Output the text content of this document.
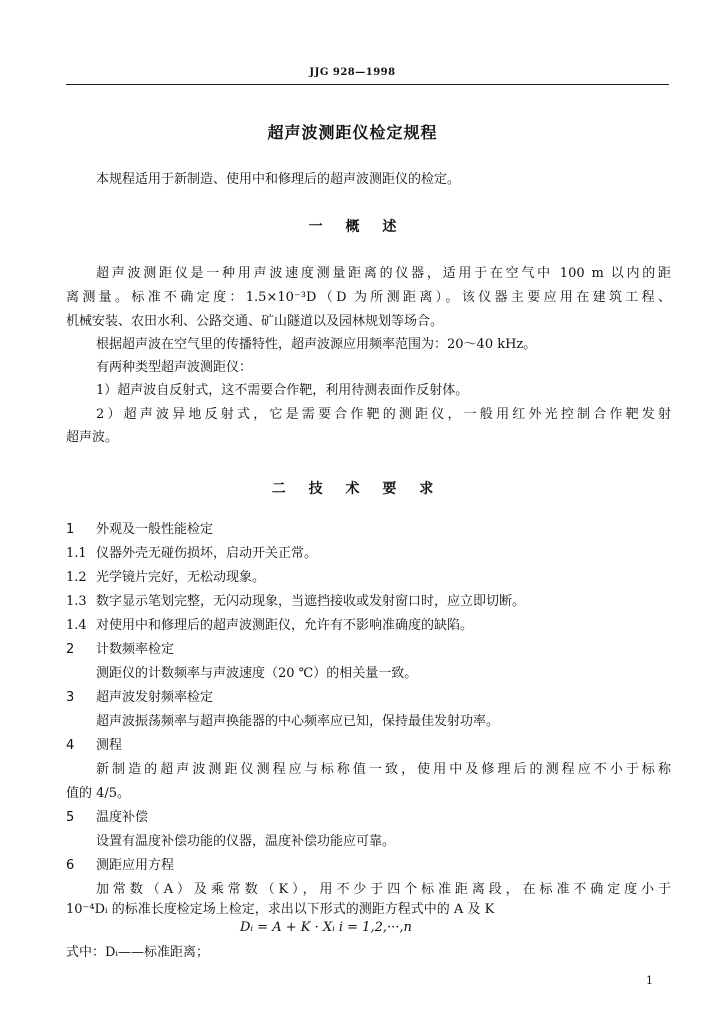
JJG 928—1998
超声波测距仪检定规程
本规程适用于新制造、使用中和修理后的超声波测距仪的检定。
一 概 述
超声波测距仪是一种用声波速度测量距离的仪器，适用于在空气中 100 m 以内的距
离测量。标准不确定度：1.5×10⁻³D（D 为所测距离）。该仪器主要应用在建筑工程、
机械安装、农田水利、公路交通、矿山隧道以及园林规划等场合。
根据超声波在空气里的传播特性，超声波源应用频率范围为：20～40 kHz。
有两种类型超声波测距仪：
1）超声波自反射式，这不需要合作靶，利用待测表面作反射体。
2）超声波异地反射式，它是需要合作靶的测距仪，一般用红外光控制合作靶发射
超声波。
二 技 术 要 求
1 外观及一般性能检定
1.1 仪器外壳无碰伤损坏，启动开关正常。
1.2 光学镜片完好，无松动现象。
1.3 数字显示笔划完整，无闪动现象，当遮挡接收或发射窗口时，应立即切断。
1.4 对使用中和修理后的超声波测距仪，允许有不影响准确度的缺陷。
2 计数频率检定
测距仪的计数频率与声波速度（20 ℃）的相关量一致。
3 超声波发射频率检定
超声波振荡频率与超声换能器的中心频率应已知，保持最佳发射功率。
4 测程
新制造的超声波测距仪测程应与标称值一致，使用中及修理后的测程应不小于标称
值的 4/5。
5 温度补偿
设置有温度补偿功能的仪器，温度补偿功能应可靠。
6 测距应用方程
加常数（A）及乘常数（K），用不少于四个标准距离段，在标准不确定度小于
10⁻⁴Dᵢ 的标准长度检定场上检定，求出以下形式的测距方程式中的 A 及 K
Dᵢ = A + K · Xᵢ i = 1,2,···,n
式中：Dᵢ——标准距离；
1
